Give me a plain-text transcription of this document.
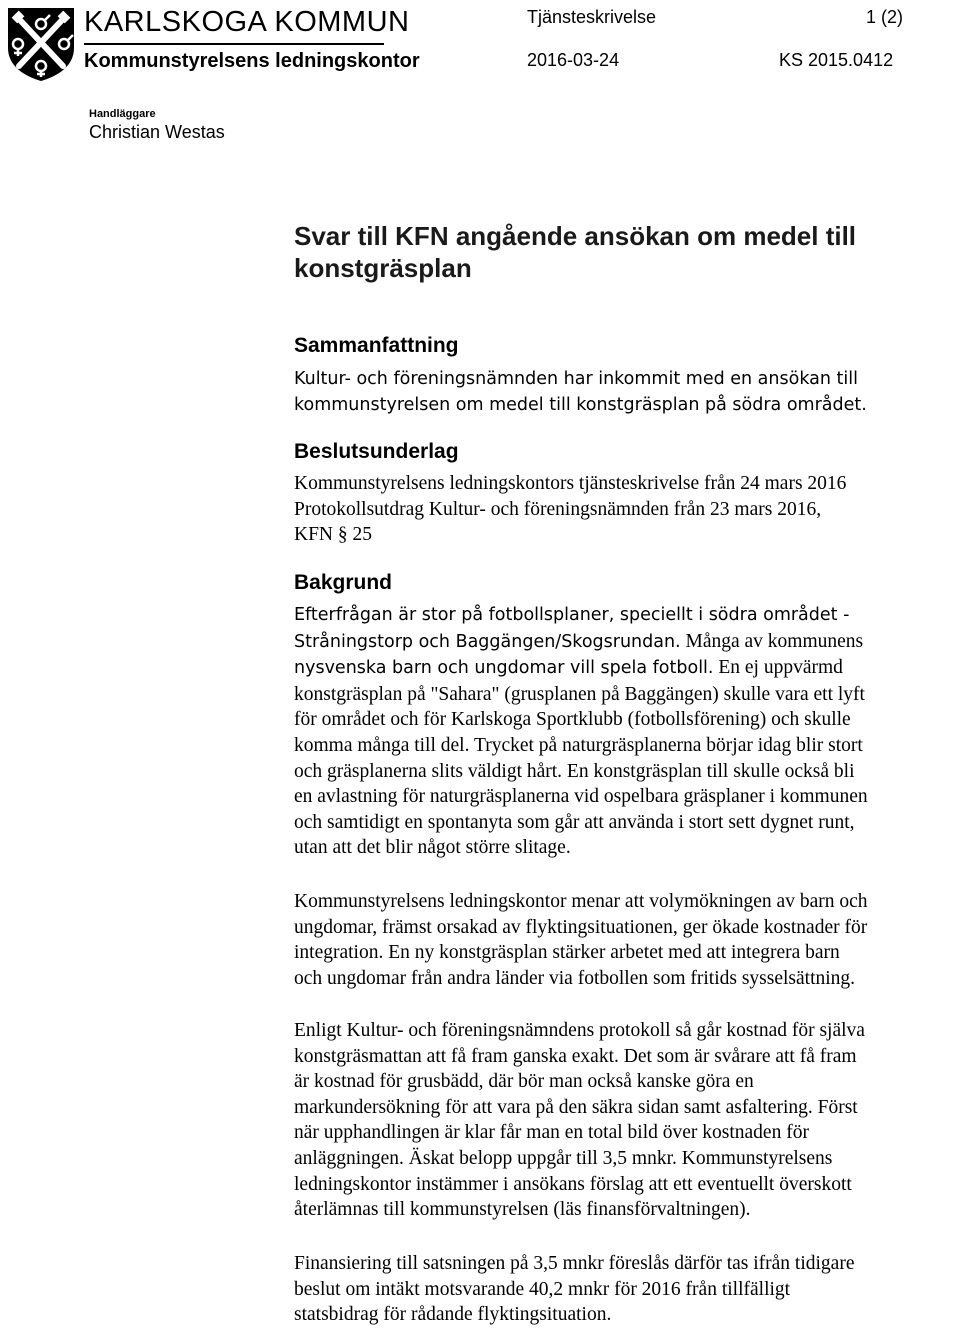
KARLSKOGA KOMMUN
Kommunstyrelsens ledningskontor
Tjänsteskrivelse	1 (2)
2016-03-24	KS 2015.0412
Handläggare
Christian Westas
Svar till KFN angående ansökan om medel till
konstgräsplan
Sammanfattning

Kultur- och föreningsnämnden har inkommit med en ansökan till
kommunstyrelsen om medel till konstgräsplan på södra området.

Beslutsunderlag

Kommunstyrelsens ledningskontors tjänsteskrivelse från 24 mars 2016
Protokollsutdrag Kultur- och föreningsnämnden från 23 mars 2016,
KFN § 25

Bakgrund

Efterfrågan är stor på fotbollsplaner, speciellt i södra området -
Stråningstorp och Baggängen/Skogsrundan. Många av kommunens
nysvenska barn och ungdomar vill spela fotboll. En ej uppvärmd
konstgräsplan på "Sahara" (grusplanen på Baggängen) skulle vara ett lyft
för området och för Karlskoga Sportklubb (fotbollsförening) och skulle
komma många till del. Trycket på naturgräsplanerna börjar idag blir stort
och gräsplanerna slits väldigt hårt. En konstgräsplan till skulle också bli
en avlastning för naturgräsplanerna vid ospelbara gräsplaner i kommunen
och samtidigt en spontanyta som går att använda i stort sett dygnet runt,
utan att det blir något större slitage.

Kommunstyrelsens ledningskontor menar att volymökningen av barn och
ungdomar, främst orsakad av flyktingsituationen, ger ökade kostnader för
integration. En ny konstgräsplan stärker arbetet med att integrera barn
och ungdomar från andra länder via fotbollen som fritids sysselsättning.

Enligt Kultur- och föreningsnämndens protokoll så går kostnad för själva
konstgräsmattan att få fram ganska exakt. Det som är svårare att få fram
är kostnad för grusbädd, där bör man också kanske göra en
markundersökning för att vara på den säkra sidan samt asfaltering. Först
när upphandlingen är klar får man en total bild över kostnaden för
anläggningen. Äskat belopp uppgår till 3,5 mnkr. Kommunstyrelsens
ledningskontor instämmer i ansökans förslag att ett eventuellt överskott
återlämnas till kommunstyrelsen (läs finansförvaltningen).

Finansiering till satsningen på 3,5 mnkr föreslås därför tas ifrån tidigare
beslut om intäkt motsvarande 40,2 mnkr för 2016 från tillfälligt
statsbidrag för rådande flyktingsituation.
